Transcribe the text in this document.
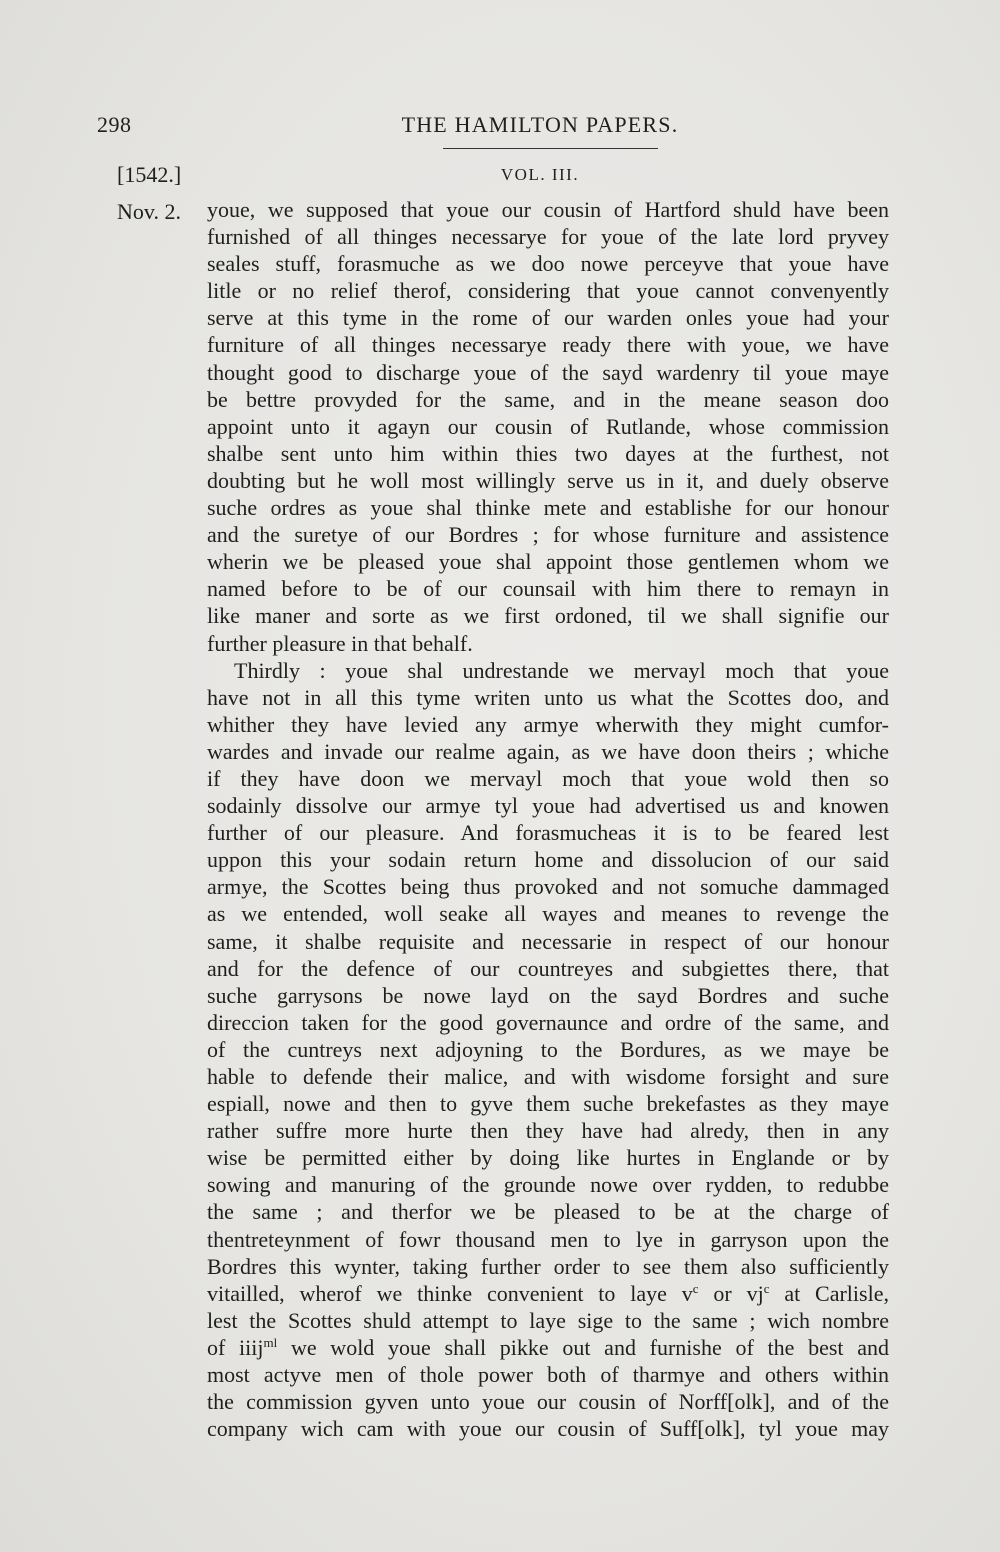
298	THE HAMILTON PAPERS.
[1542.]	VOL. III.
Nov. 2. youe, we supposed that youe our cousin of Hartford shuld have been
furnished of all thinges necessarye for youe of the late lord pryvey
seales stuff, forasmuche as we doo nowe perceyve that youe have
litle or no relief therof, considering that youe cannot convenyently
serve at this tyme in the rome of our warden onles youe had your
furniture of all thinges necessarye ready there with youe, we have
thought good to discharge youe of the sayd wardenry til youe maye
be bettre provyded for the same, and in the meane season doo
appoint unto it agayn our cousin of Rutlande, whose commission
shalbe sent unto him within thies two dayes at the furthest, not
doubting but he woll most willingly serve us in it, and duely observe
suche ordres as youe shal thinke mete and establishe for our honour
and the suretye of our Bordres ; for whose furniture and assistence
wherin we be pleased youe shal appoint those gentlemen whom we
named before to be of our counsail with him there to remayn in
like maner and sorte as we first ordoned, til we shall signifie our
further pleasure in that behalf.
Thirdly : youe shal undrestande we mervayl moch that youe
have not in all this tyme writen unto us what the Scottes doo, and
whither they have levied any armye wherwith they might cumfor-
wardes and invade our realme again, as we have doon theirs ; whiche
if they have doon we mervayl moch that youe wold then so
sodainly dissolve our armye tyl youe had advertised us and knowen
further of our pleasure. And forasmucheas it is to be feared lest
uppon this your sodain return home and dissolucion of our said
armye, the Scottes being thus provoked and not somuche dammaged
as we entended, woll seake all wayes and meanes to revenge the
same, it shalbe requisite and necessarie in respect of our honour
and for the defence of our countreyes and subgiettes there, that
suche garrysons be nowe layd on the sayd Bordres and suche
direccion taken for the good governaunce and ordre of the same, and
of the cuntreys next adjoyning to the Bordures, as we maye be
hable to defende their malice, and with wisdome forsight and sure
espiall, nowe and then to gyve them suche brekefastes as they maye
rather suffre more hurte then they have had alredy, then in any
wise be permitted either by doing like hurtes in Englande or by
sowing and manuring of the grounde nowe over rydden, to redubbe
the same ; and therfor we be pleased to be at the charge of
thentreteynment of fowr thousand men to lye in garryson upon the
Bordres this wynter, taking further order to see them also sufficiently
vitailled, wherof we thinke convenient to laye $v^c$ or $vj^c$ at Carlisle,
lest the Scottes shuld attempt to laye sige to the same ; wich nombre
of iiij$^{ml}$ we wold youe shall pikke out and furnishe of the best and
most actyve men of thole power both of tharmye and others within
the commission gyven unto youe our cousin of Norff[olk], and of the
company wich cam with youe our cousin of Suff[olk], tyl youe may
